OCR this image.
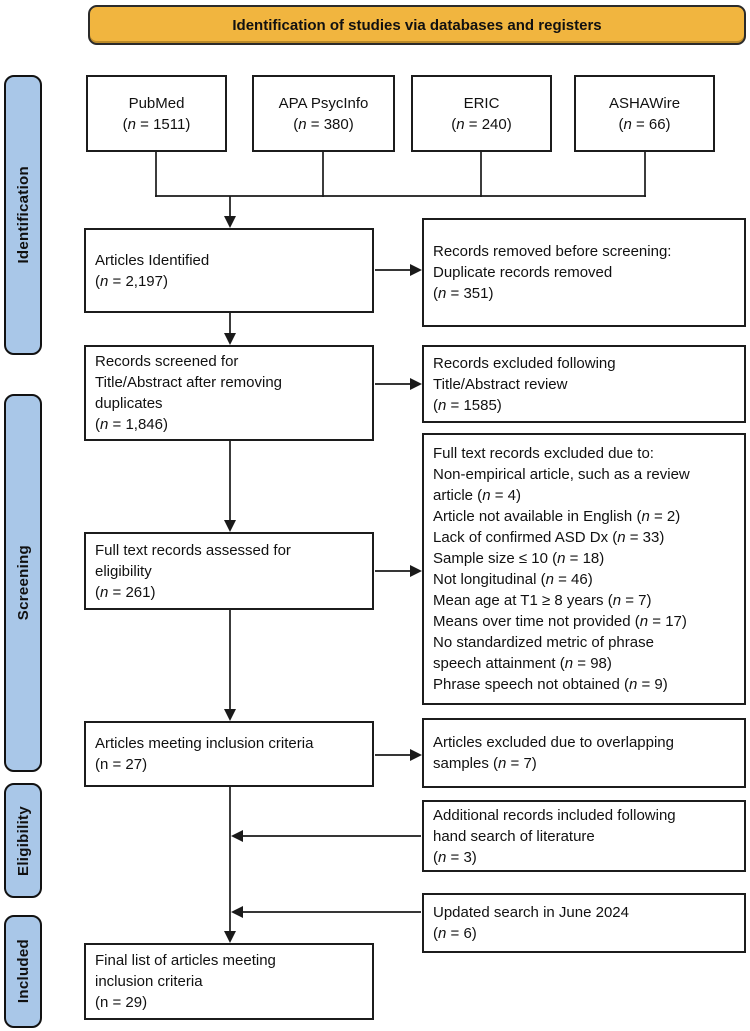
Identification of studies via databases and registers
Identification
Screening
Eligibility
Included
PubMed
(n = 1511)
APA PsycInfo
(n = 380)
ERIC
(n = 240)
ASHAWire
(n = 66)
Articles Identified
(n = 2,197)
Records removed before screening:
Duplicate records removed
(n = 351)
Records screened for
Title/Abstract after removing
duplicates
(n = 1,846)
Records excluded following
Title/Abstract review
(n = 1585)
Full text records excluded due to:
Non-empirical article, such as a review
article (n = 4)
Article not available in English (n = 2)
Lack of confirmed ASD Dx (n = 33)
Sample size ≤ 10 (n = 18)
Not longitudinal (n = 46)
Mean age at T1 ≥ 8 years (n = 7)
Means over time not provided (n = 17)
No standardized metric of phrase
speech attainment (n = 98)
Phrase speech not obtained (n = 9)
Full text records assessed for
eligibility
(n = 261)
Articles meeting inclusion criteria
(n = 27)
Articles excluded due to overlapping
samples (n = 7)
Additional records included following
hand search of literature
(n = 3)
Updated search in June 2024
(n = 6)
Final list of articles meeting
inclusion criteria
(n = 29)
